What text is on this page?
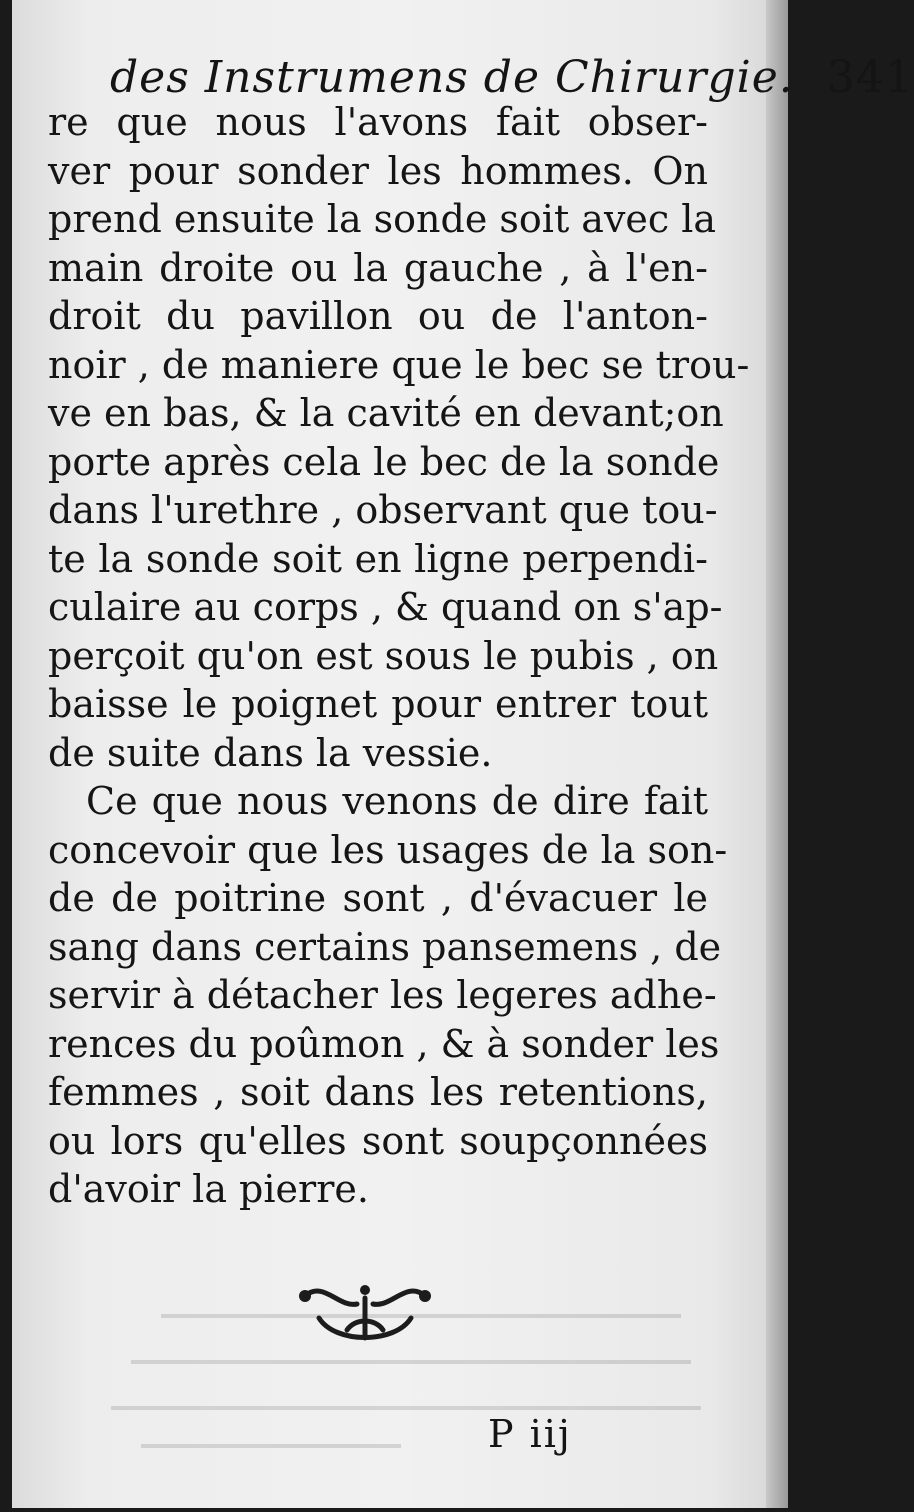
des Instrumens de Chirurgie. 341

re que nous l'avons fait obser-
ver pour sonder les hommes. On
prend ensuite la sonde soit avec la
main droite ou la gauche , à l'en-
droit du pavillon ou de l'anton-
noir , de maniere que le bec se trou-
ve en bas, & la cavité en devant;on
porte après cela le bec de la sonde
dans l'urethre , observant que tou-
te la sonde soit en ligne perpendi-
culaire au corps , & quand on s'ap-
perçoit qu'on est sous le pubis , on
baisse le poignet pour entrer tout
de suite dans la vessie.

Ce que nous venons de dire fait
concevoir que les usages de la son-
de de poitrine sont , d'évacuer le
sang dans certains pansemens , de
servir à détacher les legeres adhe-
rences du poûmon , & à sonder les
femmes , soit dans les retentions,
ou lors qu'elles sont soupçonnées
d'avoir la pierre.

P iij
